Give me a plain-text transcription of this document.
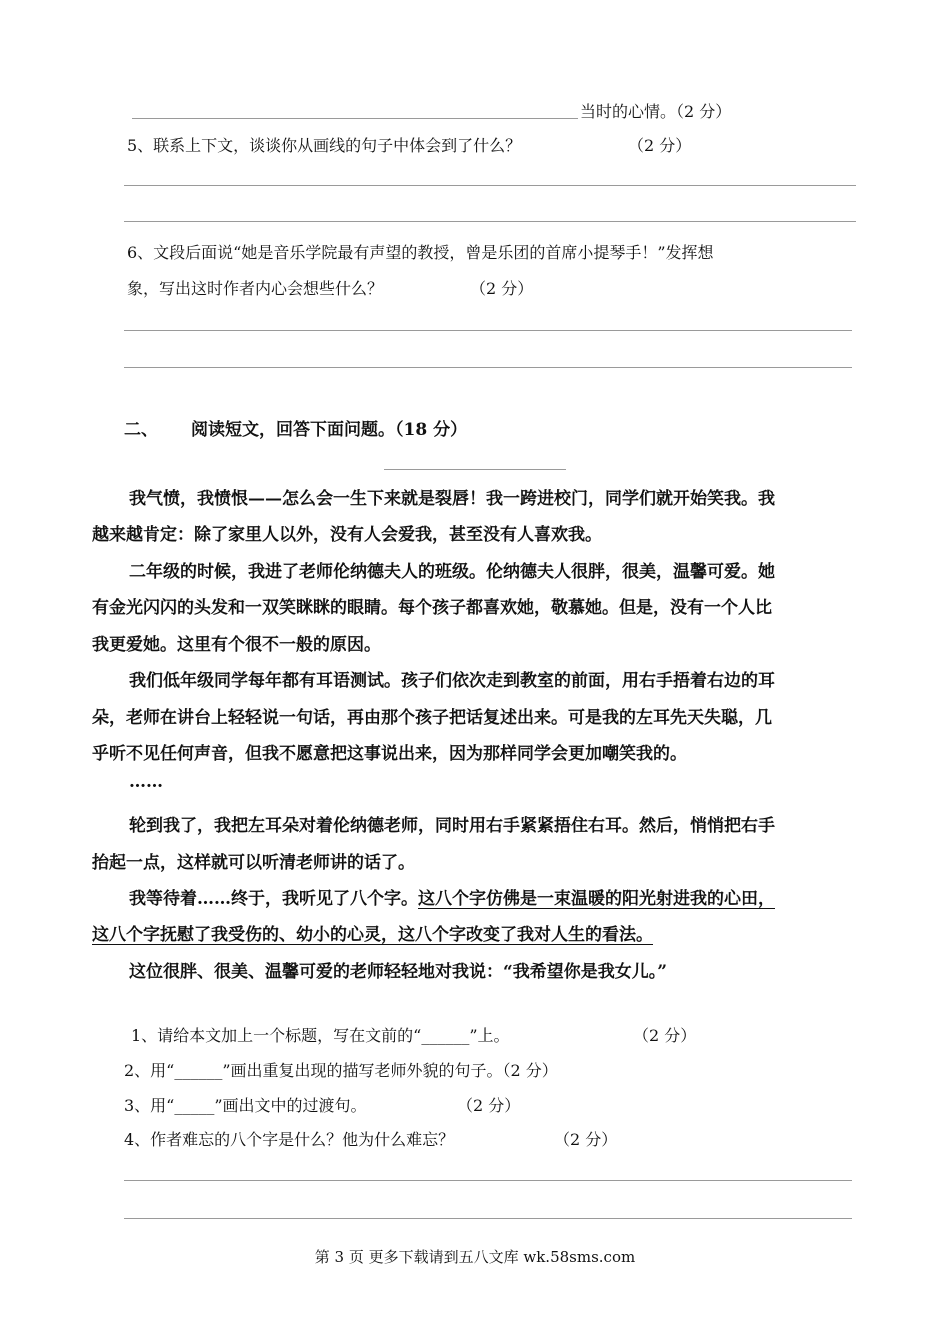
当时的心情。（2 分）
5、联系上下文，谈谈你从画线的句子中体会到了什么？	（2 分）
6、文段后面说“她是音乐学院最有声望的教授，曾是乐团的首席小提琴手！”发挥想
象，写出这时作者内心会想些什么？	（2 分）
二、 阅读短文，回答下面问题。（18 分）
我气愤，我愤恨——怎么会一生下来就是裂唇！我一跨进校门，同学们就开始笑我。我
越来越肯定：除了家里人以外，没有人会爱我，甚至没有人喜欢我。
二年级的时候，我进了老师伦纳德夫人的班级。伦纳德夫人很胖，很美，温馨可爱。她
有金光闪闪的头发和一双笑眯眯的眼睛。每个孩子都喜欢她，敬慕她。但是，没有一个人比
我更爱她。这里有个很不一般的原因。
我们低年级同学每年都有耳语测试。孩子们依次走到教室的前面，用右手捂着右边的耳
朵，老师在讲台上轻轻说一句话，再由那个孩子把话复述出来。可是我的左耳先天失聪，几
乎听不见任何声音，但我不愿意把这事说出来，因为那样同学会更加嘲笑我的。
……
轮到我了，我把左耳朵对着伦纳德老师，同时用右手紧紧捂住右耳。然后，悄悄把右手
抬起一点，这样就可以听清老师讲的话了。
我等待着……终于，我听见了八个字。这八个字仿佛是一束温暖的阳光射进我的心田，
这八个字抚慰了我受伤的、幼小的心灵，这八个字改变了我对人生的看法。
这位很胖、很美、温馨可爱的老师轻轻地对我说：“我希望你是我女儿。”
1、请给本文加上一个标题，写在文前的“______”上。	（2 分）
2、用“______”画出重复出现的描写老师外貌的句子。（2 分）
3、用“_____”画出文中的过渡句。	（2 分）
4、作者难忘的八个字是什么？他为什么难忘？	（2 分）
第 3 页 更多下载请到五八文库 wk.58sms.com
